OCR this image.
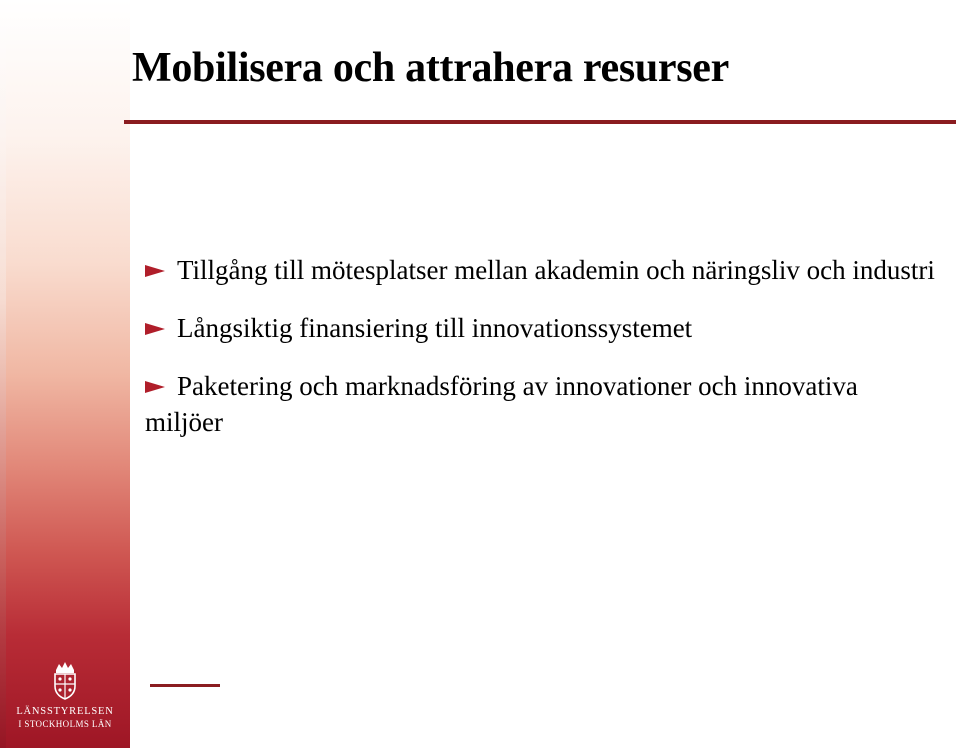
Mobilisera och attrahera resurser
Tillgång till mötesplatser mellan akademin och näringsliv och industri
Långsiktig finansiering till innovationssystemet
Paketering och marknadsföring av innovationer och innovativa miljöer
LÄNSSTYRELSEN
I STOCKHOLMS LÄN
